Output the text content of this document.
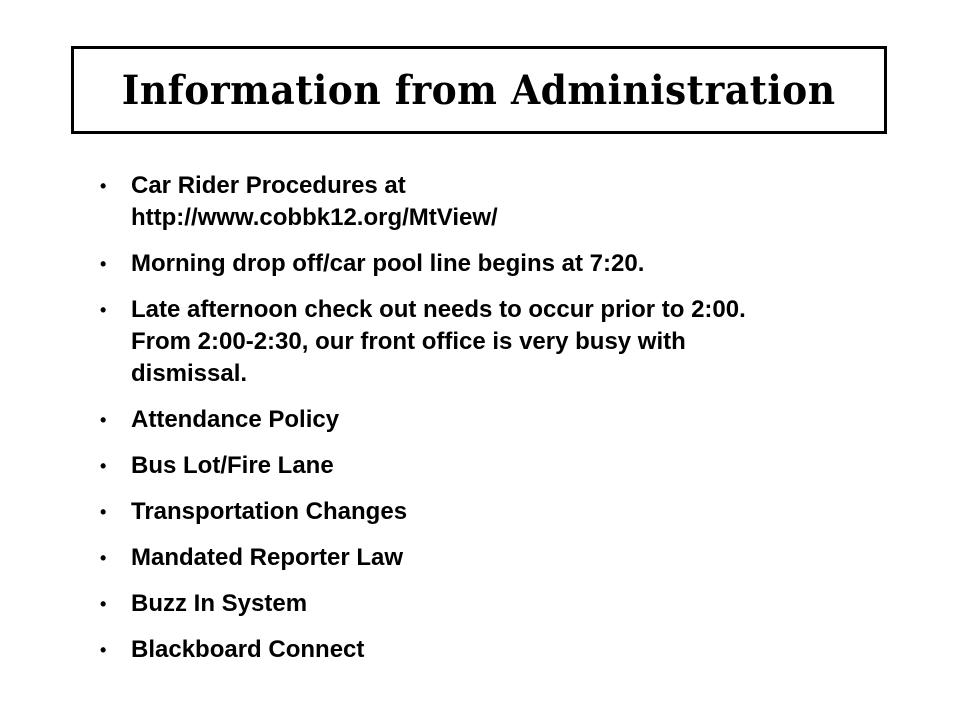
Information from Administration
• Car Rider Procedures at
http://www.cobbk12.org/MtView/
• Morning drop off/car pool line begins at 7:20.
• Late afternoon check out needs to occur prior to 2:00.
From 2:00-2:30, our front office is very busy with
dismissal.
• Attendance Policy
• Bus Lot/Fire Lane
• Transportation Changes
• Mandated Reporter Law
• Buzz In System
• Blackboard Connect
